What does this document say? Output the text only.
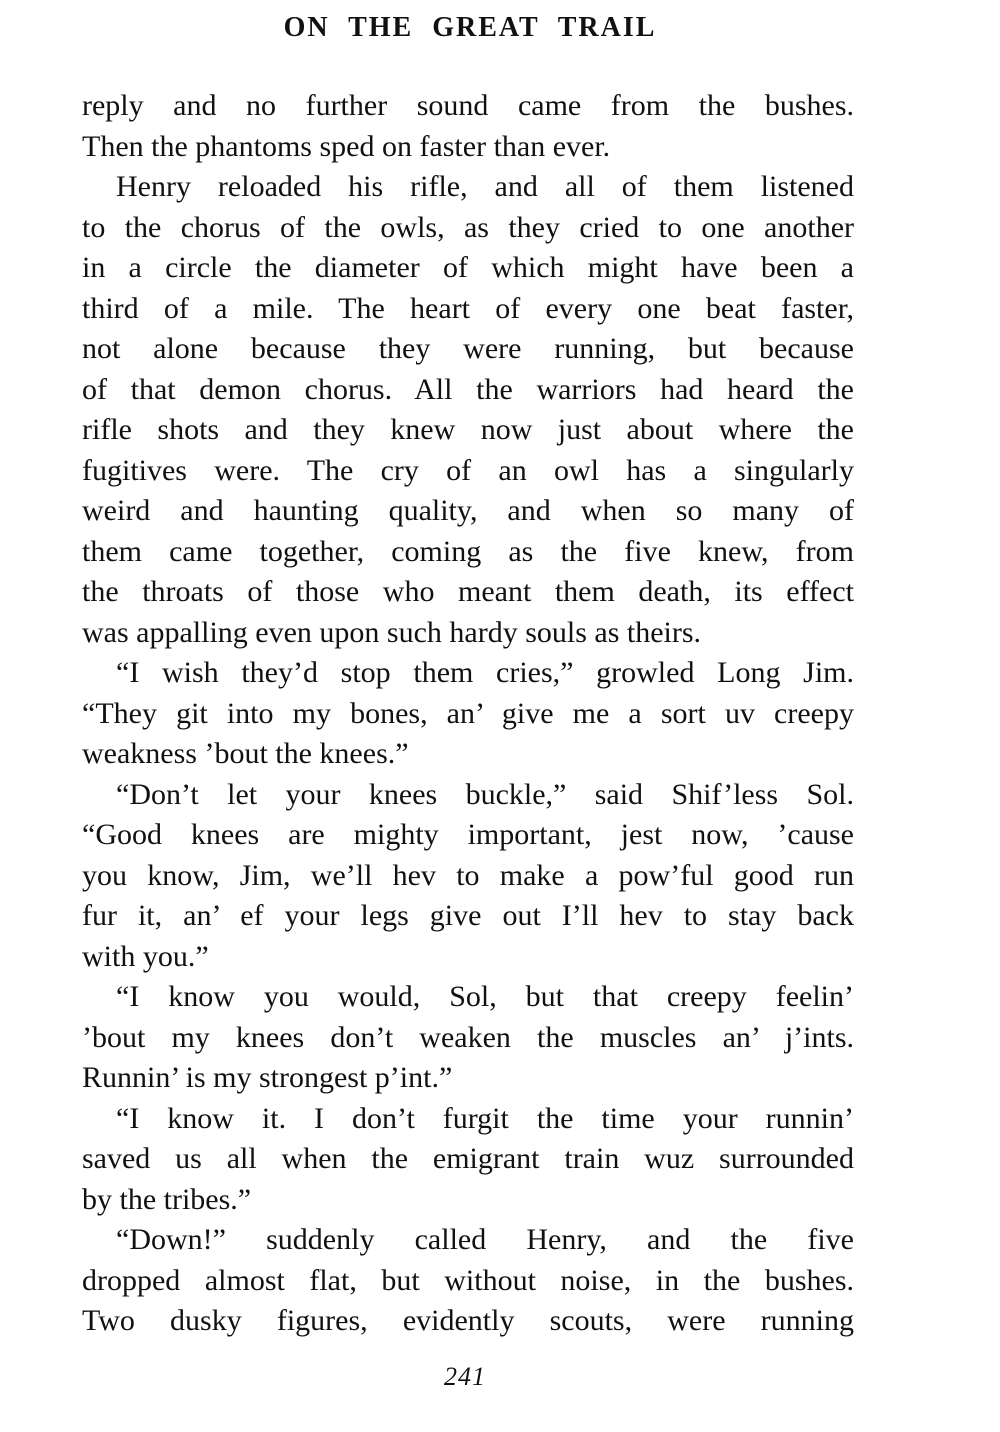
ON THE GREAT TRAIL
reply and no further sound came from the bushes.
Then the phantoms sped on faster than ever.
Henry reloaded his rifle, and all of them listened
to the chorus of the owls, as they cried to one another
in a circle the diameter of which might have been a
third of a mile. The heart of every one beat faster,
not alone because they were running, but because
of that demon chorus. All the warriors had heard the
rifle shots and they knew now just about where the
fugitives were. The cry of an owl has a singularly
weird and haunting quality, and when so many of
them came together, coming as the five knew, from
the throats of those who meant them death, its effect
was appalling even upon such hardy souls as theirs.
“I wish they’d stop them cries,” growled Long Jim.
“They git into my bones, an’ give me a sort uv creepy
weakness ’bout the knees.”
“Don’t let your knees buckle,” said Shif’less Sol.
“Good knees are mighty important, jest now, ’cause
you know, Jim, we’ll hev to make a pow’ful good run
fur it, an’ ef your legs give out I’ll hev to stay back
with you.”
“I know you would, Sol, but that creepy feelin’
’bout my knees don’t weaken the muscles an’ j’ints.
Runnin’ is my strongest p’int.”
“I know it. I don’t furgit the time your runnin’
saved us all when the emigrant train wuz surrounded
by the tribes.”
“Down!” suddenly called Henry, and the five
dropped almost flat, but without noise, in the bushes.
Two dusky figures, evidently scouts, were running
241
